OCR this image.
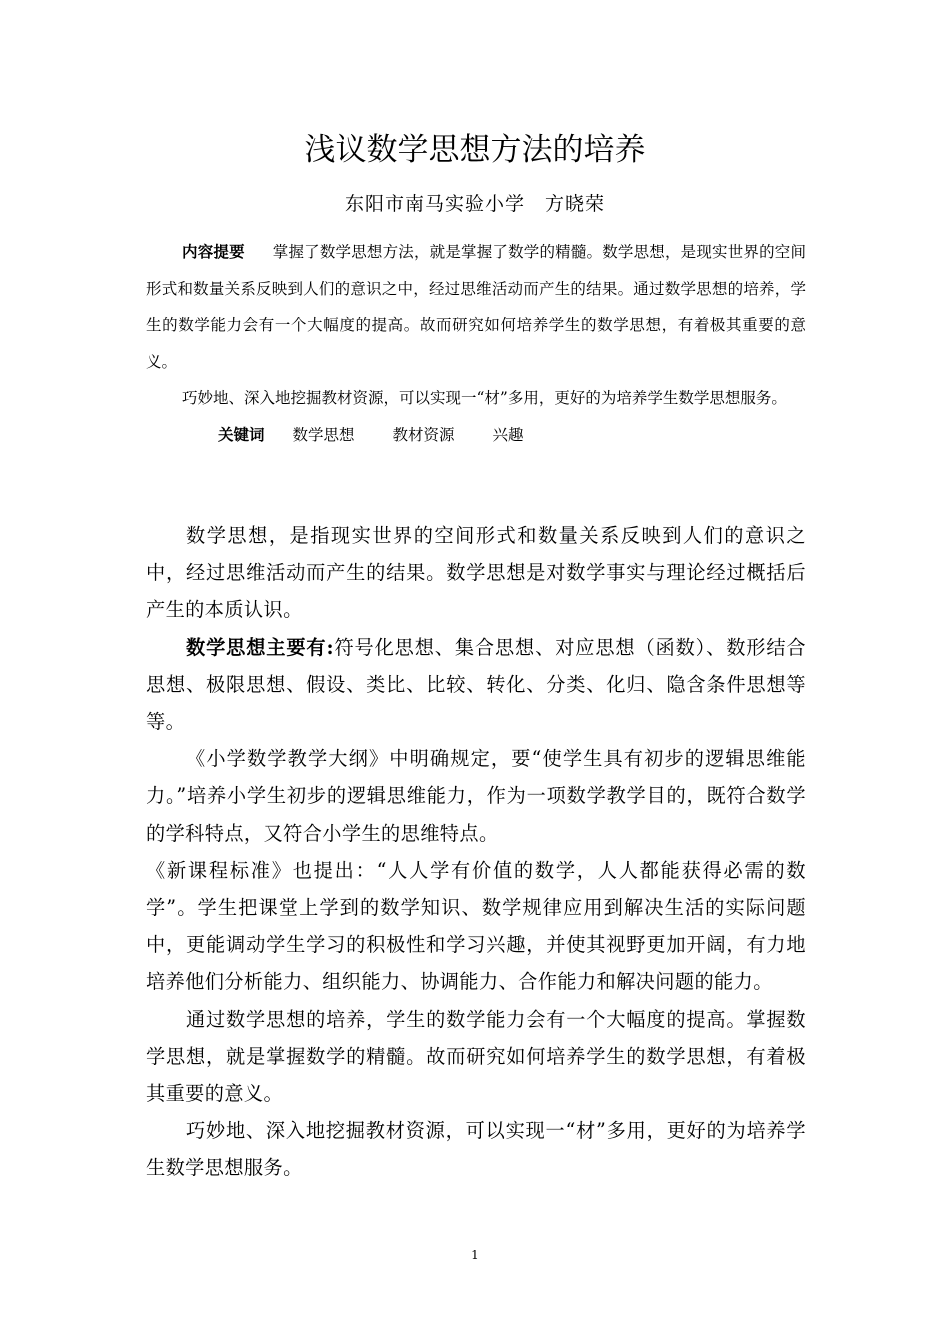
浅议数学思想方法的培养
东阳市南马实验小学　方晓荣

内容提要 掌握了数学思想方法，就是掌握了数学的精髓。数学思想，是现实世界的空间形式和数量关系反映到人们的意识之中，经过思维活动而产生的结果。通过数学思想的培养，学生的数学能力会有一个大幅度的提高。故而研究如何培养学生的数学思想，有着极其重要的意义。

巧妙地、深入地挖掘教材资源，可以实现一“材”多用，更好的为培养学生数学思想服务。

关键词 数学思想 教材资源 兴趣

数学思想，是指现实世界的空间形式和数量关系反映到人们的意识之中，经过思维活动而产生的结果。数学思想是对数学事实与理论经过概括后产生的本质认识。

数学思想主要有:符号化思想、集合思想、对应思想（函数）、数形结合思想、极限思想、假设、类比、比较、转化、分类、化归、隐含条件思想等等。

《小学数学教学大纲》中明确规定，要“使学生具有初步的逻辑思维能力。”培养小学生初步的逻辑思维能力，作为一项数学教学目的，既符合数学的学科特点，又符合小学生的思维特点。

《新课程标准》也提出：“人人学有价值的数学，人人都能获得必需的数学”。学生把课堂上学到的数学知识、数学规律应用到解决生活的实际问题中，更能调动学生学习的积极性和学习兴趣，并使其视野更加开阔，有力地培养他们分析能力、组织能力、协调能力、合作能力和解决问题的能力。

通过数学思想的培养，学生的数学能力会有一个大幅度的提高。掌握数学思想，就是掌握数学的精髓。故而研究如何培养学生的数学思想，有着极其重要的意义。

巧妙地、深入地挖掘教材资源，可以实现一“材”多用，更好的为培养学生数学思想服务。

1
